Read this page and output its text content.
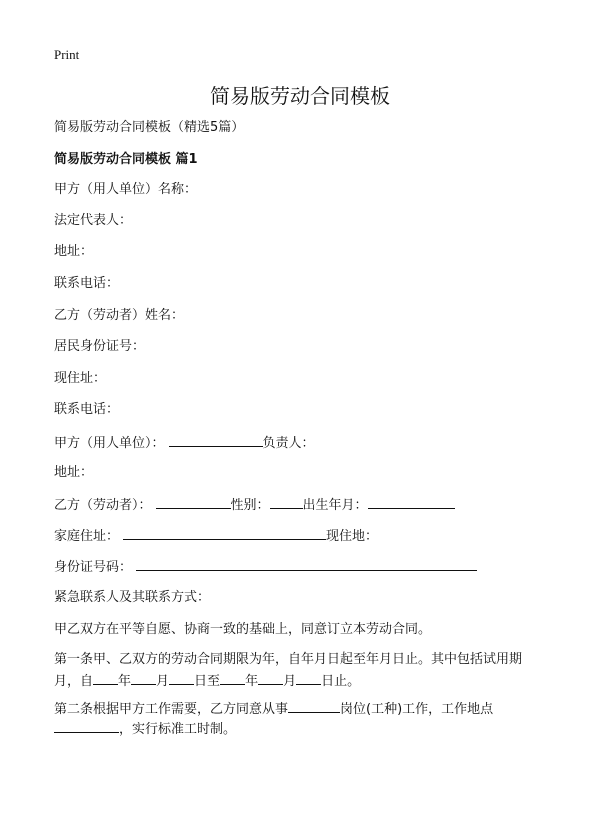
Print
简易版劳动合同模板
简易版劳动合同模板（精选5篇）
简易版劳动合同模板 篇1
甲方（用人单位）名称：
法定代表人：
地址：
联系电话：
乙方（劳动者）姓名：
居民身份证号：
现住址：
联系电话：
甲方（用人单位）：	负责人：
地址：
乙方（劳动者）：	性别：	出生年月：
家庭住址：	现住地：
身份证号码：
紧急联系人及其联系方式：
甲乙双方在平等自愿、协商一致的基础上，同意订立本劳动合同。
第一条甲、乙双方的劳动合同期限为年，自年月日起至年月日止。其中包括试用期
月，自 年 月 日至 年 月 日止。
第二条根据甲方工作需要，乙方同意从事	岗位(工种)工作，工作地点
，实行标准工时制。
